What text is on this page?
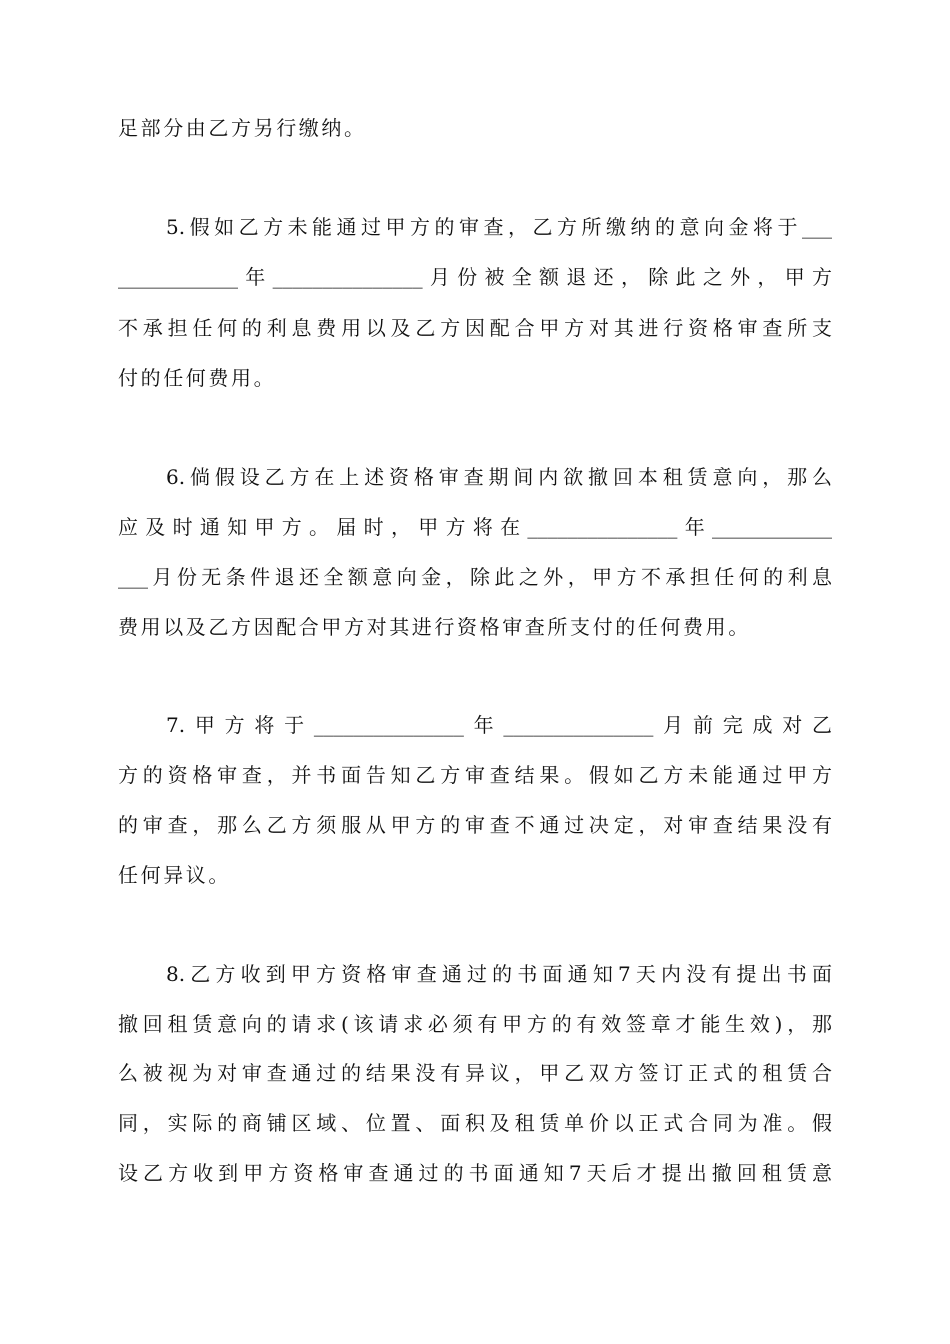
足部分由乙方另行缴纳。
5.假如乙方未能通过甲方的审查，乙方所缴纳的意向金将于___
____________年_______________月份被全额退还，除此之外，甲方
不承担任何的利息费用以及乙方因配合甲方对其进行资格审查所支
付的任何费用。
6.倘假设乙方在上述资格审查期间内欲撤回本租赁意向，那么
应及时通知甲方。届时，甲方将在_______________年____________
___月份无条件退还全额意向金，除此之外，甲方不承担任何的利息
费用以及乙方因配合甲方对其进行资格审查所支付的任何费用。
7.甲方将于_______________年_______________月前完成对乙
方的资格审查，并书面告知乙方审查结果。假如乙方未能通过甲方
的审查，那么乙方须服从甲方的审查不通过决定，对审查结果没有
任何异议。
8.乙方收到甲方资格审查通过的书面通知7天内没有提出书面
撤回租赁意向的请求(该请求必须有甲方的有效签章才能生效)，那
么被视为对审查通过的结果没有异议，甲乙双方签订正式的租赁合
同，实际的商铺区域、位置、面积及租赁单价以正式合同为准。假
设乙方收到甲方资格审查通过的书面通知7天后才提出撤回租赁意
